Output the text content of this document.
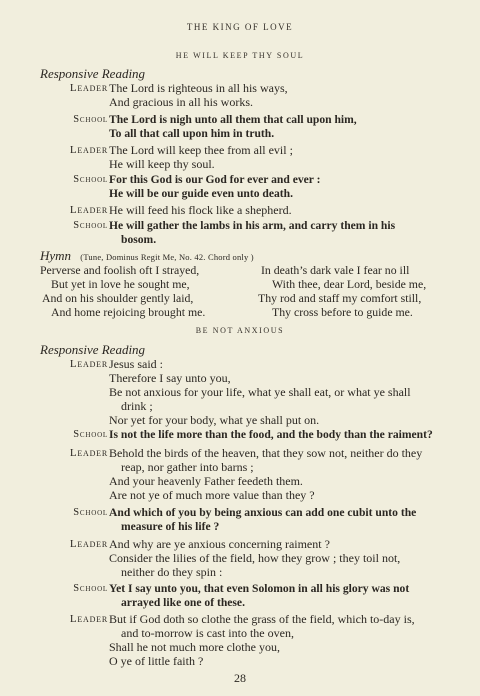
THE KING OF LOVE
HE WILL KEEP THY SOUL
Responsive Reading
Leader The Lord is righteous in all his ways,
And gracious in all his works.
School The Lord is nigh unto all them that call upon him,
To all that call upon him in truth.
Leader The Lord will keep thee from all evil ;
He will keep thy soul.
School For this God is our God for ever and ever :
He will be our guide even unto death.
Leader He will feed his flock like a shepherd.
School He will gather the lambs in his arm, and carry them in his
bosom.
Hymn (Tune, Dominus Regit Me, No. 42. Chord only )
Perverse and foolish oft I strayed,
But yet in love he sought me,
And on his shoulder gently laid,
And home rejoicing brought me.
In death’s dark vale I fear no ill
With thee, dear Lord, beside me,
Thy rod and staff my comfort still,
Thy cross before to guide me.
BE NOT ANXIOUS
Responsive Reading
Leader Jesus said :
Therefore I say unto you,
Be not anxious for your life, what ye shall eat, or what ye shall
drink ;
Nor yet for your body, what ye shall put on.
School Is not the life more than the food, and the body than the raiment?
Leader Behold the birds of the heaven, that they sow not, neither do they
reap, nor gather into barns ;
And your heavenly Father feedeth them.
Are not ye of much more value than they ?
School And which of you by being anxious can add one cubit unto the
measure of his life ?
Leader And why are ye anxious concerning raiment ?
Consider the lilies of the field, how they grow ; they toil not,
neither do they spin :
School Yet I say unto you, that even Solomon in all his glory was not
arrayed like one of these.
Leader But if God doth so clothe the grass of the field, which to-day is,
and to-morrow is cast into the oven,
Shall he not much more clothe you,
O ye of little faith ?
28
